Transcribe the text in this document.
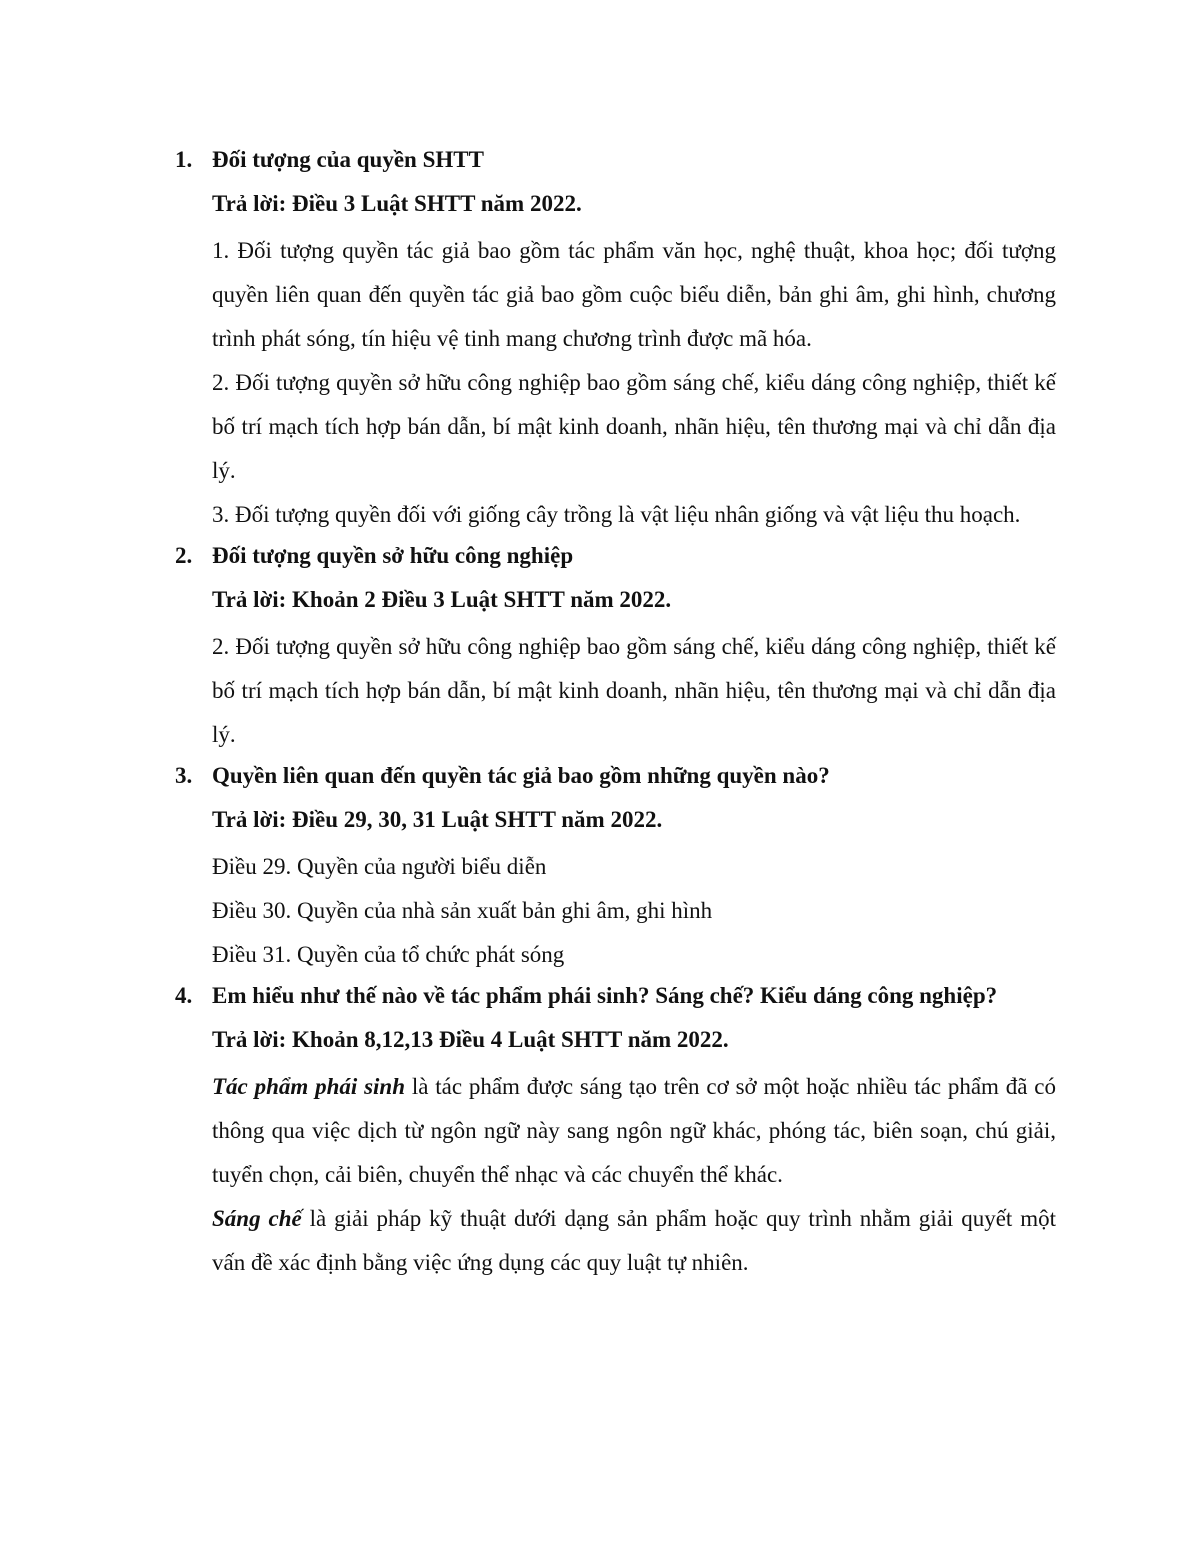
1. Đối tượng của quyền SHTT
Trả lời: Điều 3 Luật SHTT năm 2022.
1. Đối tượng quyền tác giả bao gồm tác phẩm văn học, nghệ thuật, khoa học; đối tượng quyền liên quan đến quyền tác giả bao gồm cuộc biểu diễn, bản ghi âm, ghi hình, chương trình phát sóng, tín hiệu vệ tinh mang chương trình được mã hóa.
2. Đối tượng quyền sở hữu công nghiệp bao gồm sáng chế, kiểu dáng công nghiệp, thiết kế bố trí mạch tích hợp bán dẫn, bí mật kinh doanh, nhãn hiệu, tên thương mại và chỉ dẫn địa lý.
3. Đối tượng quyền đối với giống cây trồng là vật liệu nhân giống và vật liệu thu hoạch.
2. Đối tượng quyền sở hữu công nghiệp
Trả lời: Khoản 2 Điều 3 Luật SHTT năm 2022.
2. Đối tượng quyền sở hữu công nghiệp bao gồm sáng chế, kiểu dáng công nghiệp, thiết kế bố trí mạch tích hợp bán dẫn, bí mật kinh doanh, nhãn hiệu, tên thương mại và chỉ dẫn địa lý.
3. Quyền liên quan đến quyền tác giả bao gồm những quyền nào?
Trả lời: Điều 29, 30, 31 Luật SHTT năm 2022.
Điều 29. Quyền của người biểu diễn
Điều 30. Quyền của nhà sản xuất bản ghi âm, ghi hình
Điều 31. Quyền của tổ chức phát sóng
4. Em hiểu như thế nào về tác phẩm phái sinh? Sáng chế? Kiểu dáng công nghiệp?
Trả lời: Khoản 8,12,13 Điều 4 Luật SHTT năm 2022.
Tác phẩm phái sinh là tác phẩm được sáng tạo trên cơ sở một hoặc nhiều tác phẩm đã có thông qua việc dịch từ ngôn ngữ này sang ngôn ngữ khác, phóng tác, biên soạn, chú giải, tuyển chọn, cải biên, chuyển thể nhạc và các chuyển thể khác.
Sáng chế là giải pháp kỹ thuật dưới dạng sản phẩm hoặc quy trình nhằm giải quyết một vấn đề xác định bằng việc ứng dụng các quy luật tự nhiên.
